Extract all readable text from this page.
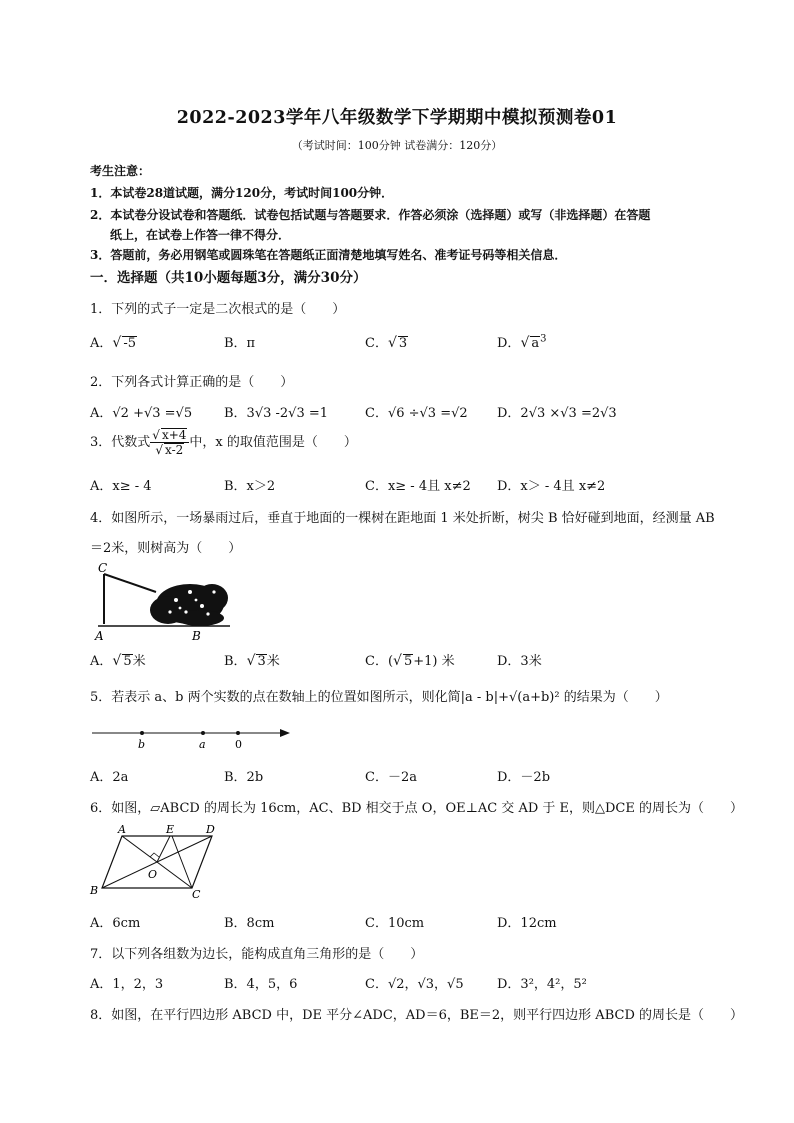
2022-2023学年八年级数学下学期期中模拟预测卷01
（考试时间：100分钟 试卷满分：120分）
考生注意：
1．本试卷28道试题，满分120分，考试时间100分钟．
2．本试卷分设试卷和答题纸．试卷包括试题与答题要求．作答必须涂（选择题）或写（非选择题）在答题
纸上，在试卷上作答一律不得分．
3．答题前，务必用钢笔或圆珠笔在答题纸正面清楚地填写姓名、准考证号码等相关信息．
一．选择题（共10小题每题3分，满分30分）
1．下列的式子一定是二次根式的是（　　）
A．√ -5	B．π	C．√ 3	D．√ $a^3$
2．下列各式计算正确的是（　　）
A．√2 +√3 =√5 B．3√3 -2√3 =1	C．√6 ÷√3 =√2 D．2√3 ×√3 =2√3
3．代数式 $\frac{√ x+4}{√ x-2}$ 中，x 的取值范围是（　　）
A．x≥ - 4	B．x＞2	C．x≥ - 4且 x≠2 D．x＞ - 4且 x≠2
4．如图所示，一场暴雨过后，垂直于地面的一棵树在距地面 1 米处折断，树尖 B 恰好碰到地面，经测量 AB
＝2米，则树高为（　　）
C
A	B
A．√ 5米	B．√ 3米	C．(√ 5+1) 米	D．3米
5．若表示 a、b 两个实数的点在数轴上的位置如图所示，则化简|a - b|+√(a+b)² 的结果为（　　）
b	a	0
A．2a	B．2b	C．－2a	D．－2b
6．如图，▱ABCD 的周长为 16cm，AC、BD 相交于点 O，OE⊥AC 交 AD 于 E，则△DCE 的周长为（　　）
A	E	D
O
B	C
A．6cm	B．8cm	C．10cm	D．12cm
7．以下列各组数为边长，能构成直角三角形的是（　　）
A．1，2，3	B．4，5，6	C．√2，√3，√5	D．3²，4²，5²
8．如图，在平行四边形 ABCD 中，DE 平分∠ADC，AD＝6，BE＝2，则平行四边形 ABCD 的周长是（　　）
